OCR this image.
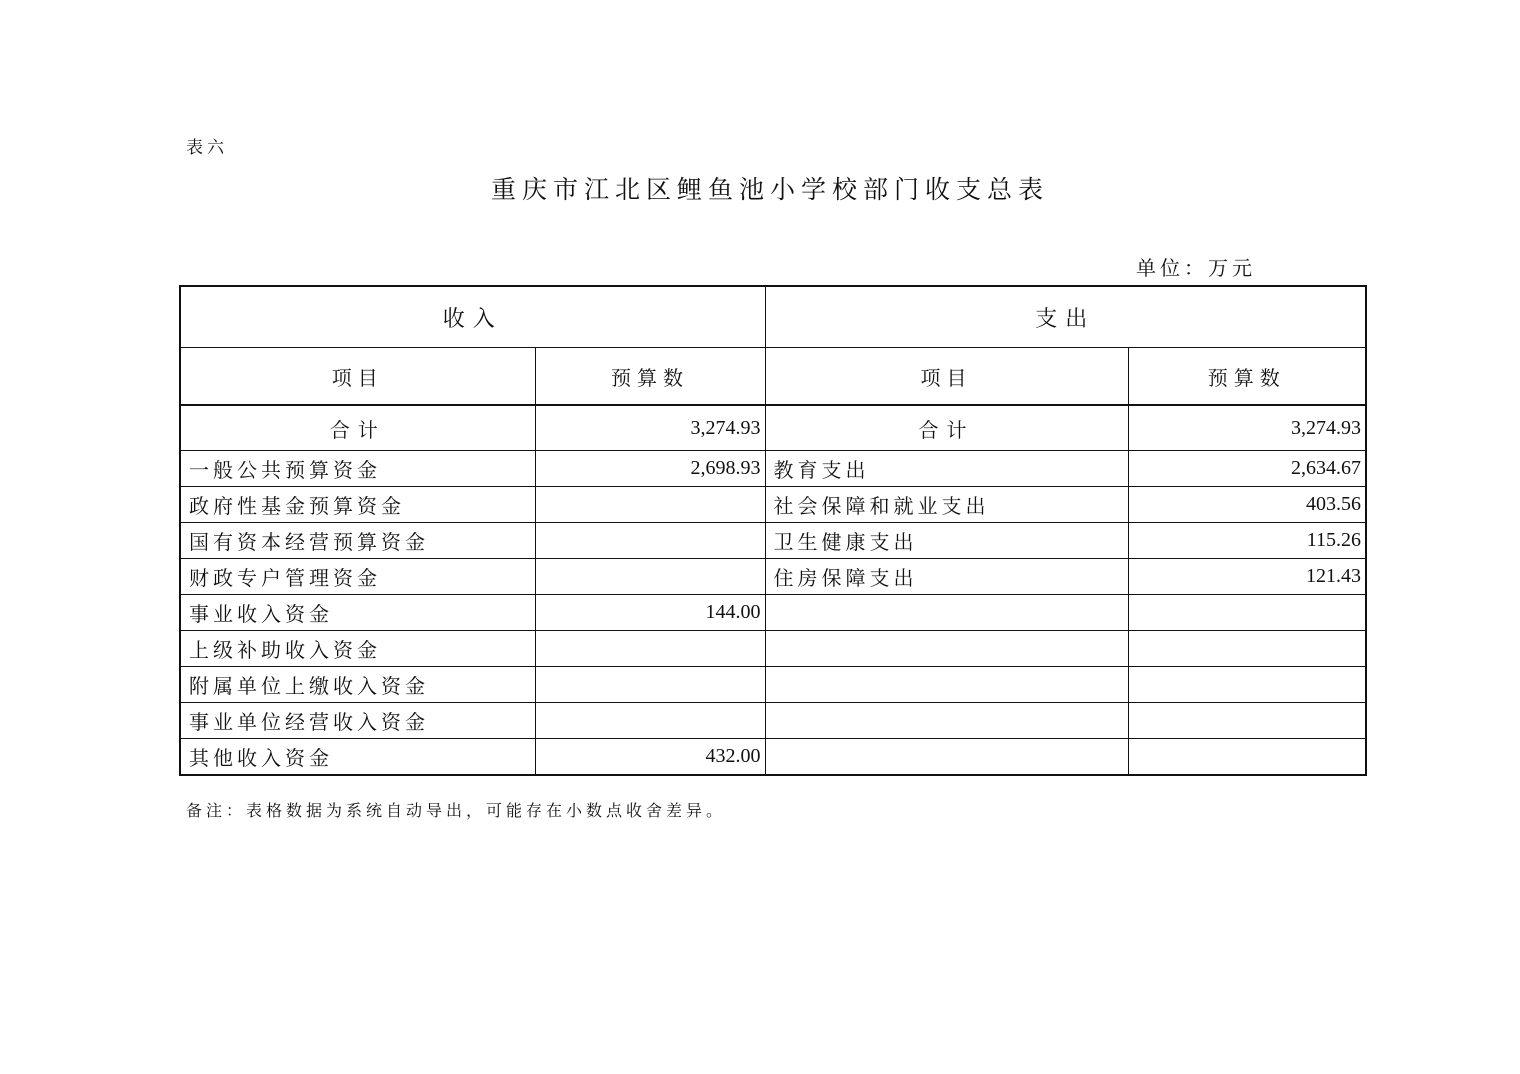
表六
重庆市江北区鲤鱼池小学校部门收支总表
单位：万元
收入		支出	
项目	预算数	项目	预算数
合计	3,274.93	合计	3,274.93
一般公共预算资金	2,698.93	教育支出	2,634.67
政府性基金预算资金		社会保障和就业支出	403.56
国有资本经营预算资金		卫生健康支出	115.26
财政专户管理资金		住房保障支出	121.43
事业收入资金	144.00		
上级补助收入资金			
附属单位上缴收入资金			
事业单位经营收入资金			
其他收入资金	432.00		
备注：表格数据为系统自动导出，可能存在小数点收舍差异。
